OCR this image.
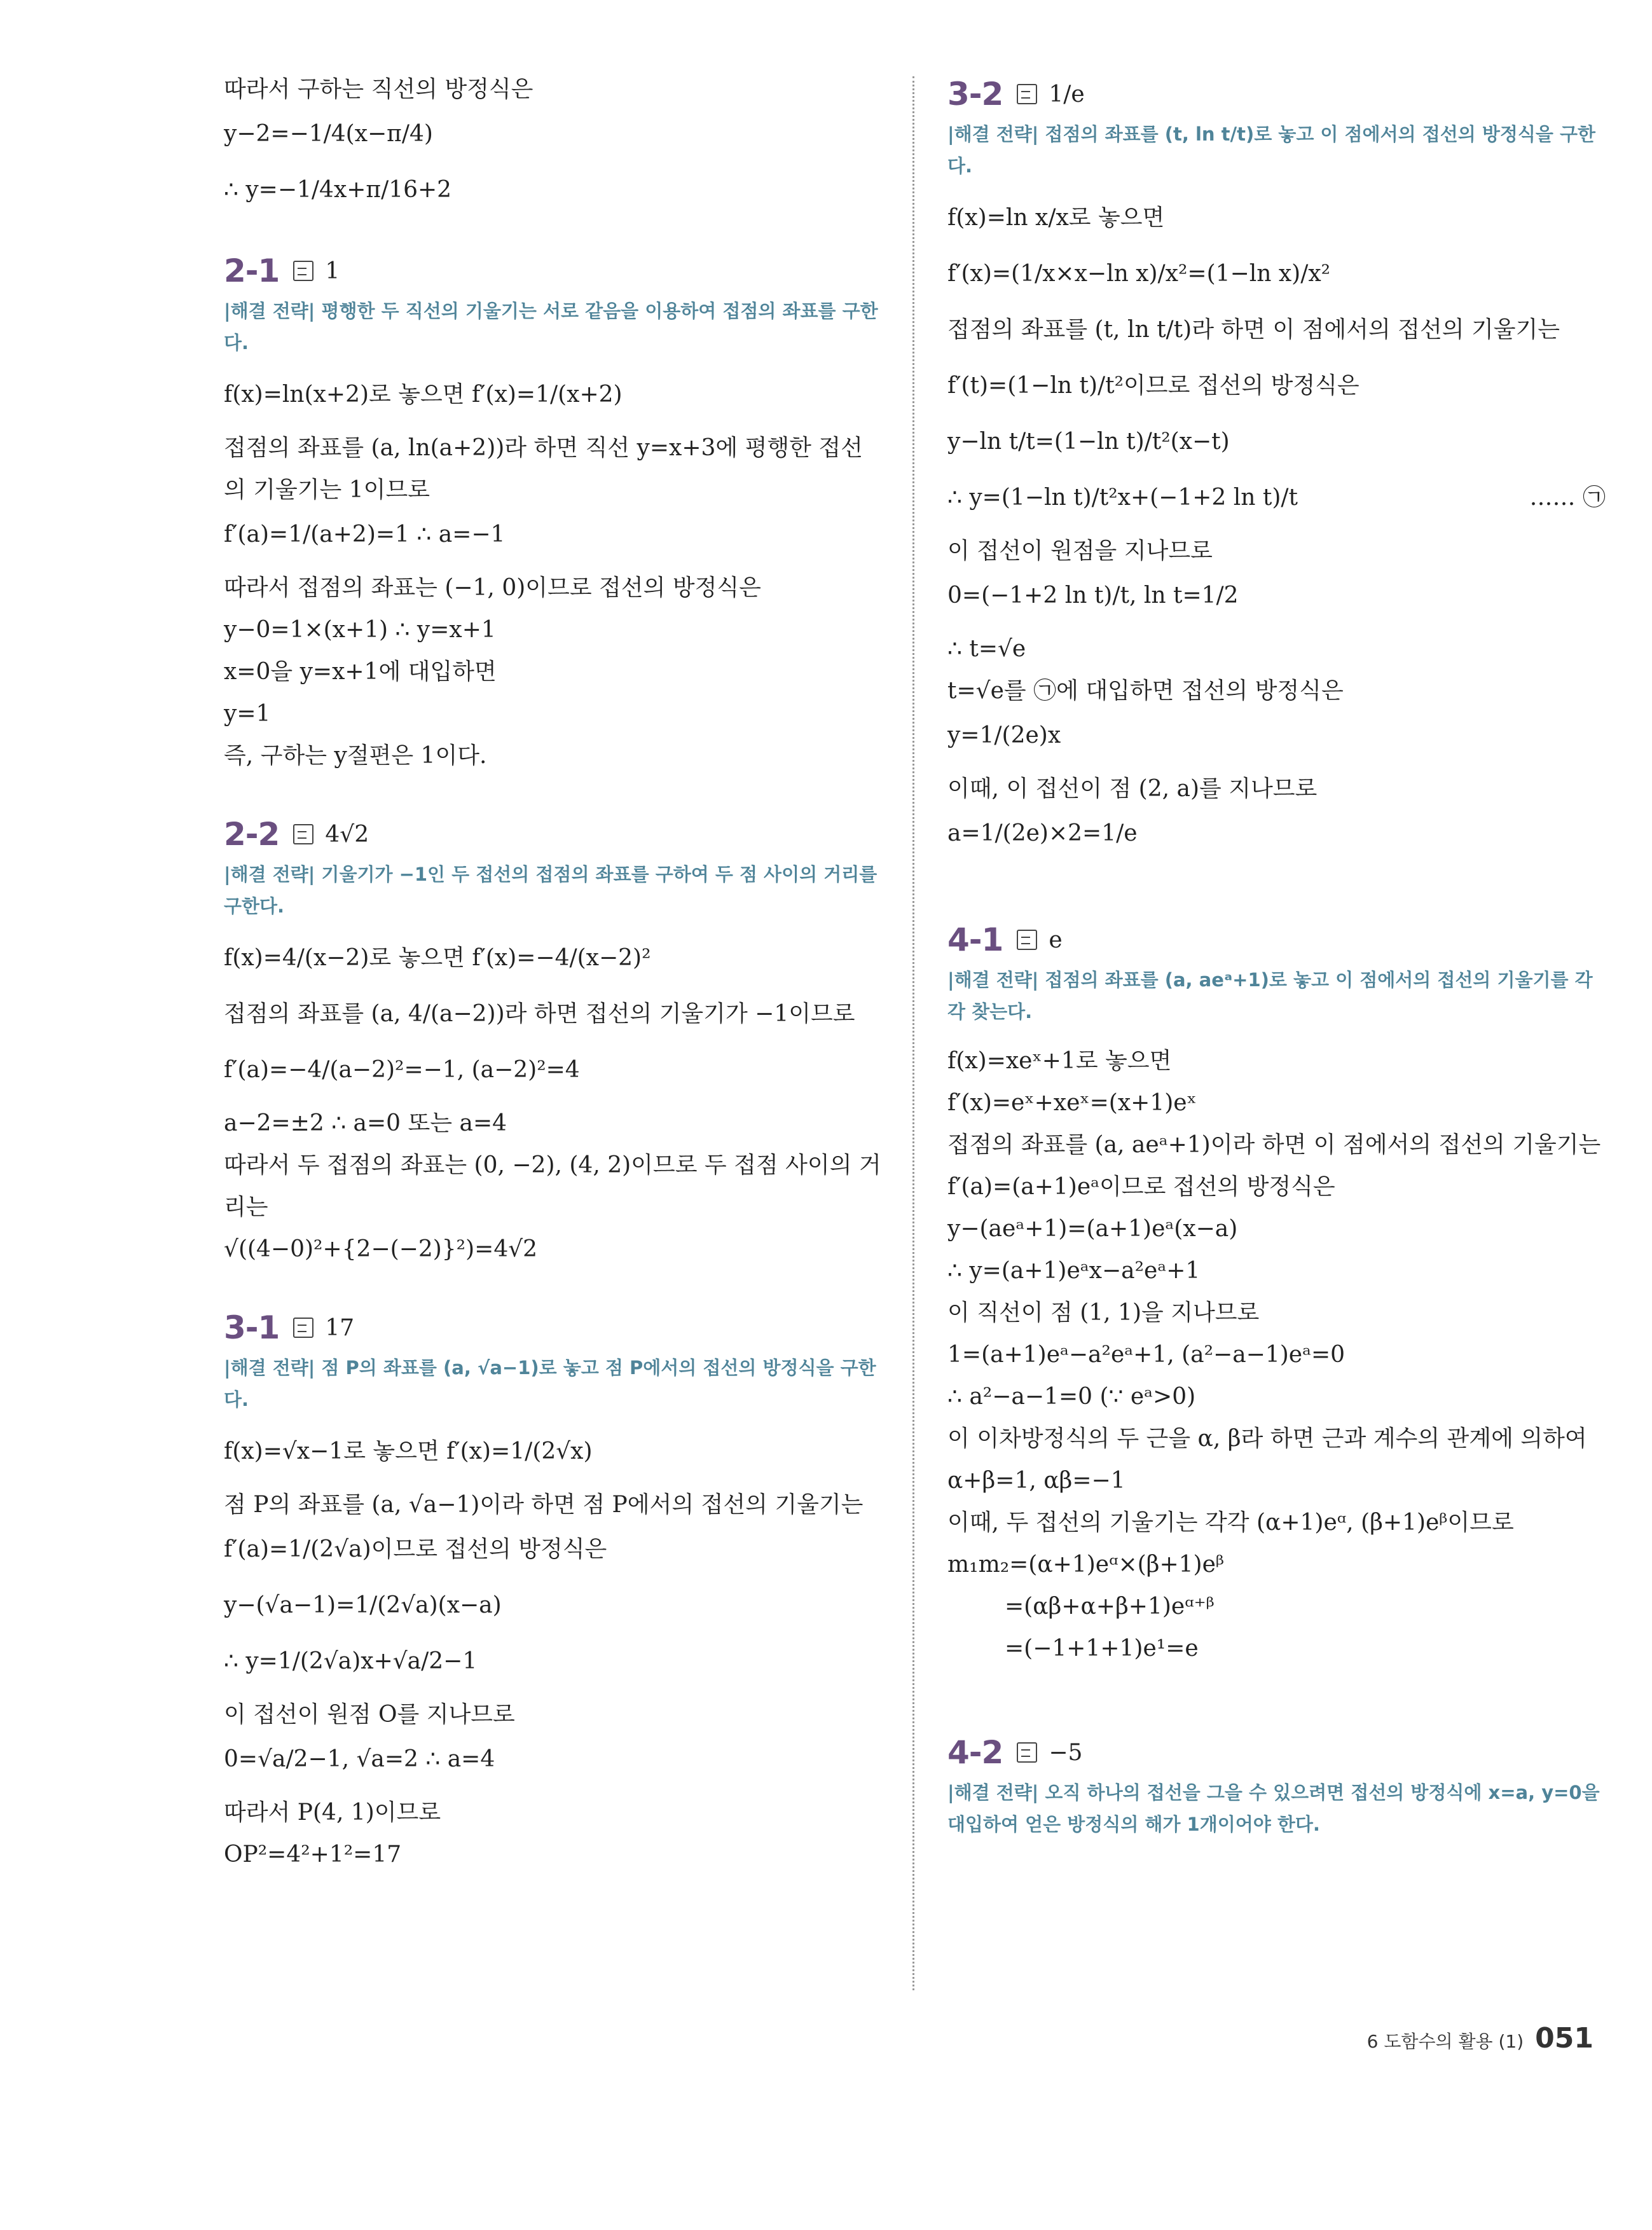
따라서 구하는 직선의 방정식은
y−2=−1/4(x−π/4)
∴ y=−1/4x+π/16+2
2-1 1
|해결 전략| 평행한 두 직선의 기울기는 서로 같음을 이용하여 접점의 좌표를 구한다.
f(x)=ln(x+2)로 놓으면 f′(x)=1/(x+2)
접점의 좌표를 (a, ln(a+2))라 하면 직선 y=x+3에 평행한 접선
의 기울기는 1이므로
f′(a)=1/(a+2)=1 ∴ a=−1
따라서 접점의 좌표는 (−1, 0)이므로 접선의 방정식은
y−0=1×(x+1) ∴ y=x+1
x=0을 y=x+1에 대입하면
y=1
즉, 구하는 y절편은 1이다.
2-2 4√2
|해결 전략| 기울기가 −1인 두 접선의 접점의 좌표를 구하여 두 점 사이의 거리를 구한다.
f(x)=4/(x−2)로 놓으면 f′(x)=−4/(x−2)²
접점의 좌표를 (a, 4/(a−2))라 하면 접선의 기울기가 −1이므로
f′(a)=−4/(a−2)²=−1, (a−2)²=4
a−2=±2 ∴ a=0 또는 a=4
따라서 두 접점의 좌표는 (0, −2), (4, 2)이므로 두 접점 사이의 거
리는
√((4−0)²+{2−(−2)}²)=4√2
3-1 17
|해결 전략| 점 P의 좌표를 (a, √a−1)로 놓고 점 P에서의 접선의 방정식을 구한다.
f(x)=√x−1로 놓으면 f′(x)=1/(2√x)
점 P의 좌표를 (a, √a−1)이라 하면 점 P에서의 접선의 기울기는
f′(a)=1/(2√a)이므로 접선의 방정식은
y−(√a−1)=1/(2√a)(x−a)
∴ y=1/(2√a)x+√a/2−1
이 접선이 원점 O를 지나므로
0=√a/2−1, √a=2 ∴ a=4
따라서 P(4, 1)이므로
OP²=4²+1²=17
3-2 1/e
|해결 전략| 접점의 좌표를 (t, ln t/t)로 놓고 이 점에서의 접선의 방정식을 구한다.
f(x)=ln x/x로 놓으면
f′(x)=(1/x×x−ln x)/x²=(1−ln x)/x²
접점의 좌표를 (t, ln t/t)라 하면 이 점에서의 접선의 기울기는
f′(t)=(1−ln t)/t²이므로 접선의 방정식은
y−ln t/t=(1−ln t)/t²(x−t)
∴ y=(1−ln t)/t²x+(−1+2 ln t)/t	…… ㉠
이 접선이 원점을 지나므로
0=(−1+2 ln t)/t, ln t=1/2
∴ t=√e
t=√e를 ㉠에 대입하면 접선의 방정식은
y=1/(2e)x
이때, 이 접선이 점 (2, a)를 지나므로
a=1/(2e)×2=1/e
4-1 e
|해결 전략| 접점의 좌표를 (a, aeᵃ+1)로 놓고 이 점에서의 접선의 기울기를 각각 찾는다.
f(x)=xeˣ+1로 놓으면
f′(x)=eˣ+xeˣ=(x+1)eˣ
접점의 좌표를 (a, aeᵃ+1)이라 하면 이 점에서의 접선의 기울기는
f′(a)=(a+1)eᵃ이므로 접선의 방정식은
y−(aeᵃ+1)=(a+1)eᵃ(x−a)
∴ y=(a+1)eᵃx−a²eᵃ+1
이 직선이 점 (1, 1)을 지나므로
1=(a+1)eᵃ−a²eᵃ+1, (a²−a−1)eᵃ=0
∴ a²−a−1=0 (∵ eᵃ>0)
이 이차방정식의 두 근을 α, β라 하면 근과 계수의 관계에 의하여
α+β=1, αβ=−1
이때, 두 접선의 기울기는 각각 (α+1)eᵅ, (β+1)eᵝ이므로
m₁m₂=(α+1)eᵅ×(β+1)eᵝ
=(αβ+α+β+1)eᵅ⁺ᵝ
=(−1+1+1)e¹=e
4-2 −5
|해결 전략| 오직 하나의 접선을 그을 수 있으려면 접선의 방정식에 x=a, y=0을 대입하여 얻은 방정식의 해가 1개이어야 한다.
6 도함수의 활용 (1) 051
